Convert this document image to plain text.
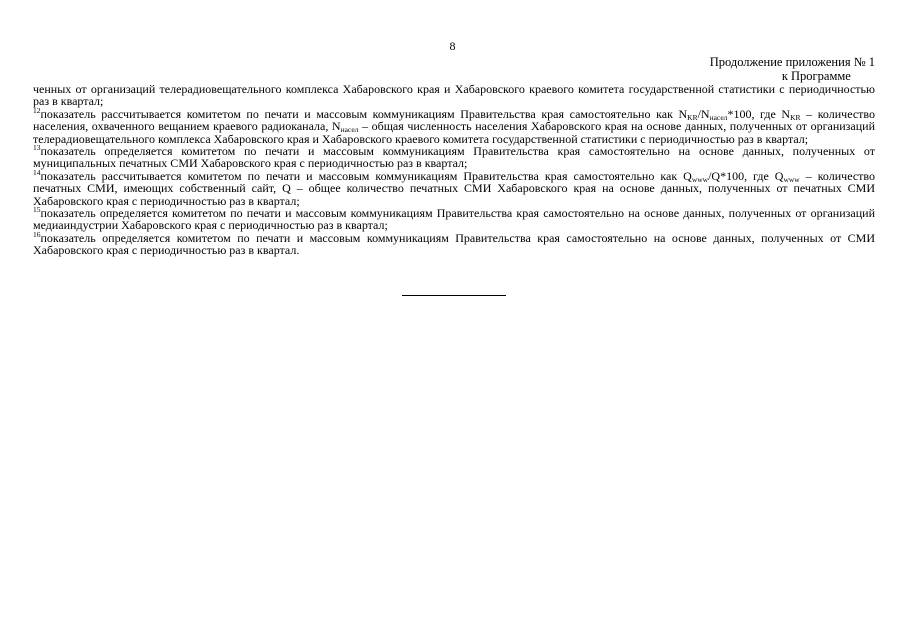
8
Продолжение приложения № 1
к Программе

ченных от организаций телерадиовещательного комплекса Хабаровского края и Хабаровского краевого комитета государственной статистики с периодичностью раз в квартал;

$^{12}$показатель рассчитывается комитетом по печати и массовым коммуникациям Правительства края самостоятельно как $N_{KR}/N_{насел}*100$, где $N_{KR}$ – количество населения, охваченного вещанием краевого радиоканала, $N_{насел}$ – общая численность населения Хабаровского края на основе данных, полученных от организаций телерадиовещательного комплекса Хабаровского края и Хабаровского краевого комитета государственной статистики с периодичностью раз в квартал;

$^{13}$показатель определяется комитетом по печати и массовым коммуникациям Правительства края самостоятельно на основе данных, полученных от муниципальных печатных СМИ Хабаровского края с периодичностью раз в квартал;

$^{14}$показатель рассчитывается комитетом по печати и массовым коммуникациям Правительства края самостоятельно как $Q_{www}/Q*100$, где $Q_{www}$ – количество печатных СМИ, имеющих собственный сайт, Q – общее количество печатных СМИ Хабаровского края на основе данных, полученных от печатных СМИ Хабаровского края с периодичностью раз в квартал;

$^{15}$показатель определяется комитетом по печати и массовым коммуникациям Правительства края самостоятельно на основе данных, полученных от организаций медиаиндустрии Хабаровского края с периодичностью раз в квартал;

$^{16}$показатель определяется комитетом по печати и массовым коммуникациям Правительства края самостоятельно на основе данных, полученных от СМИ Хабаровского края с периодичностью раз в квартал.
